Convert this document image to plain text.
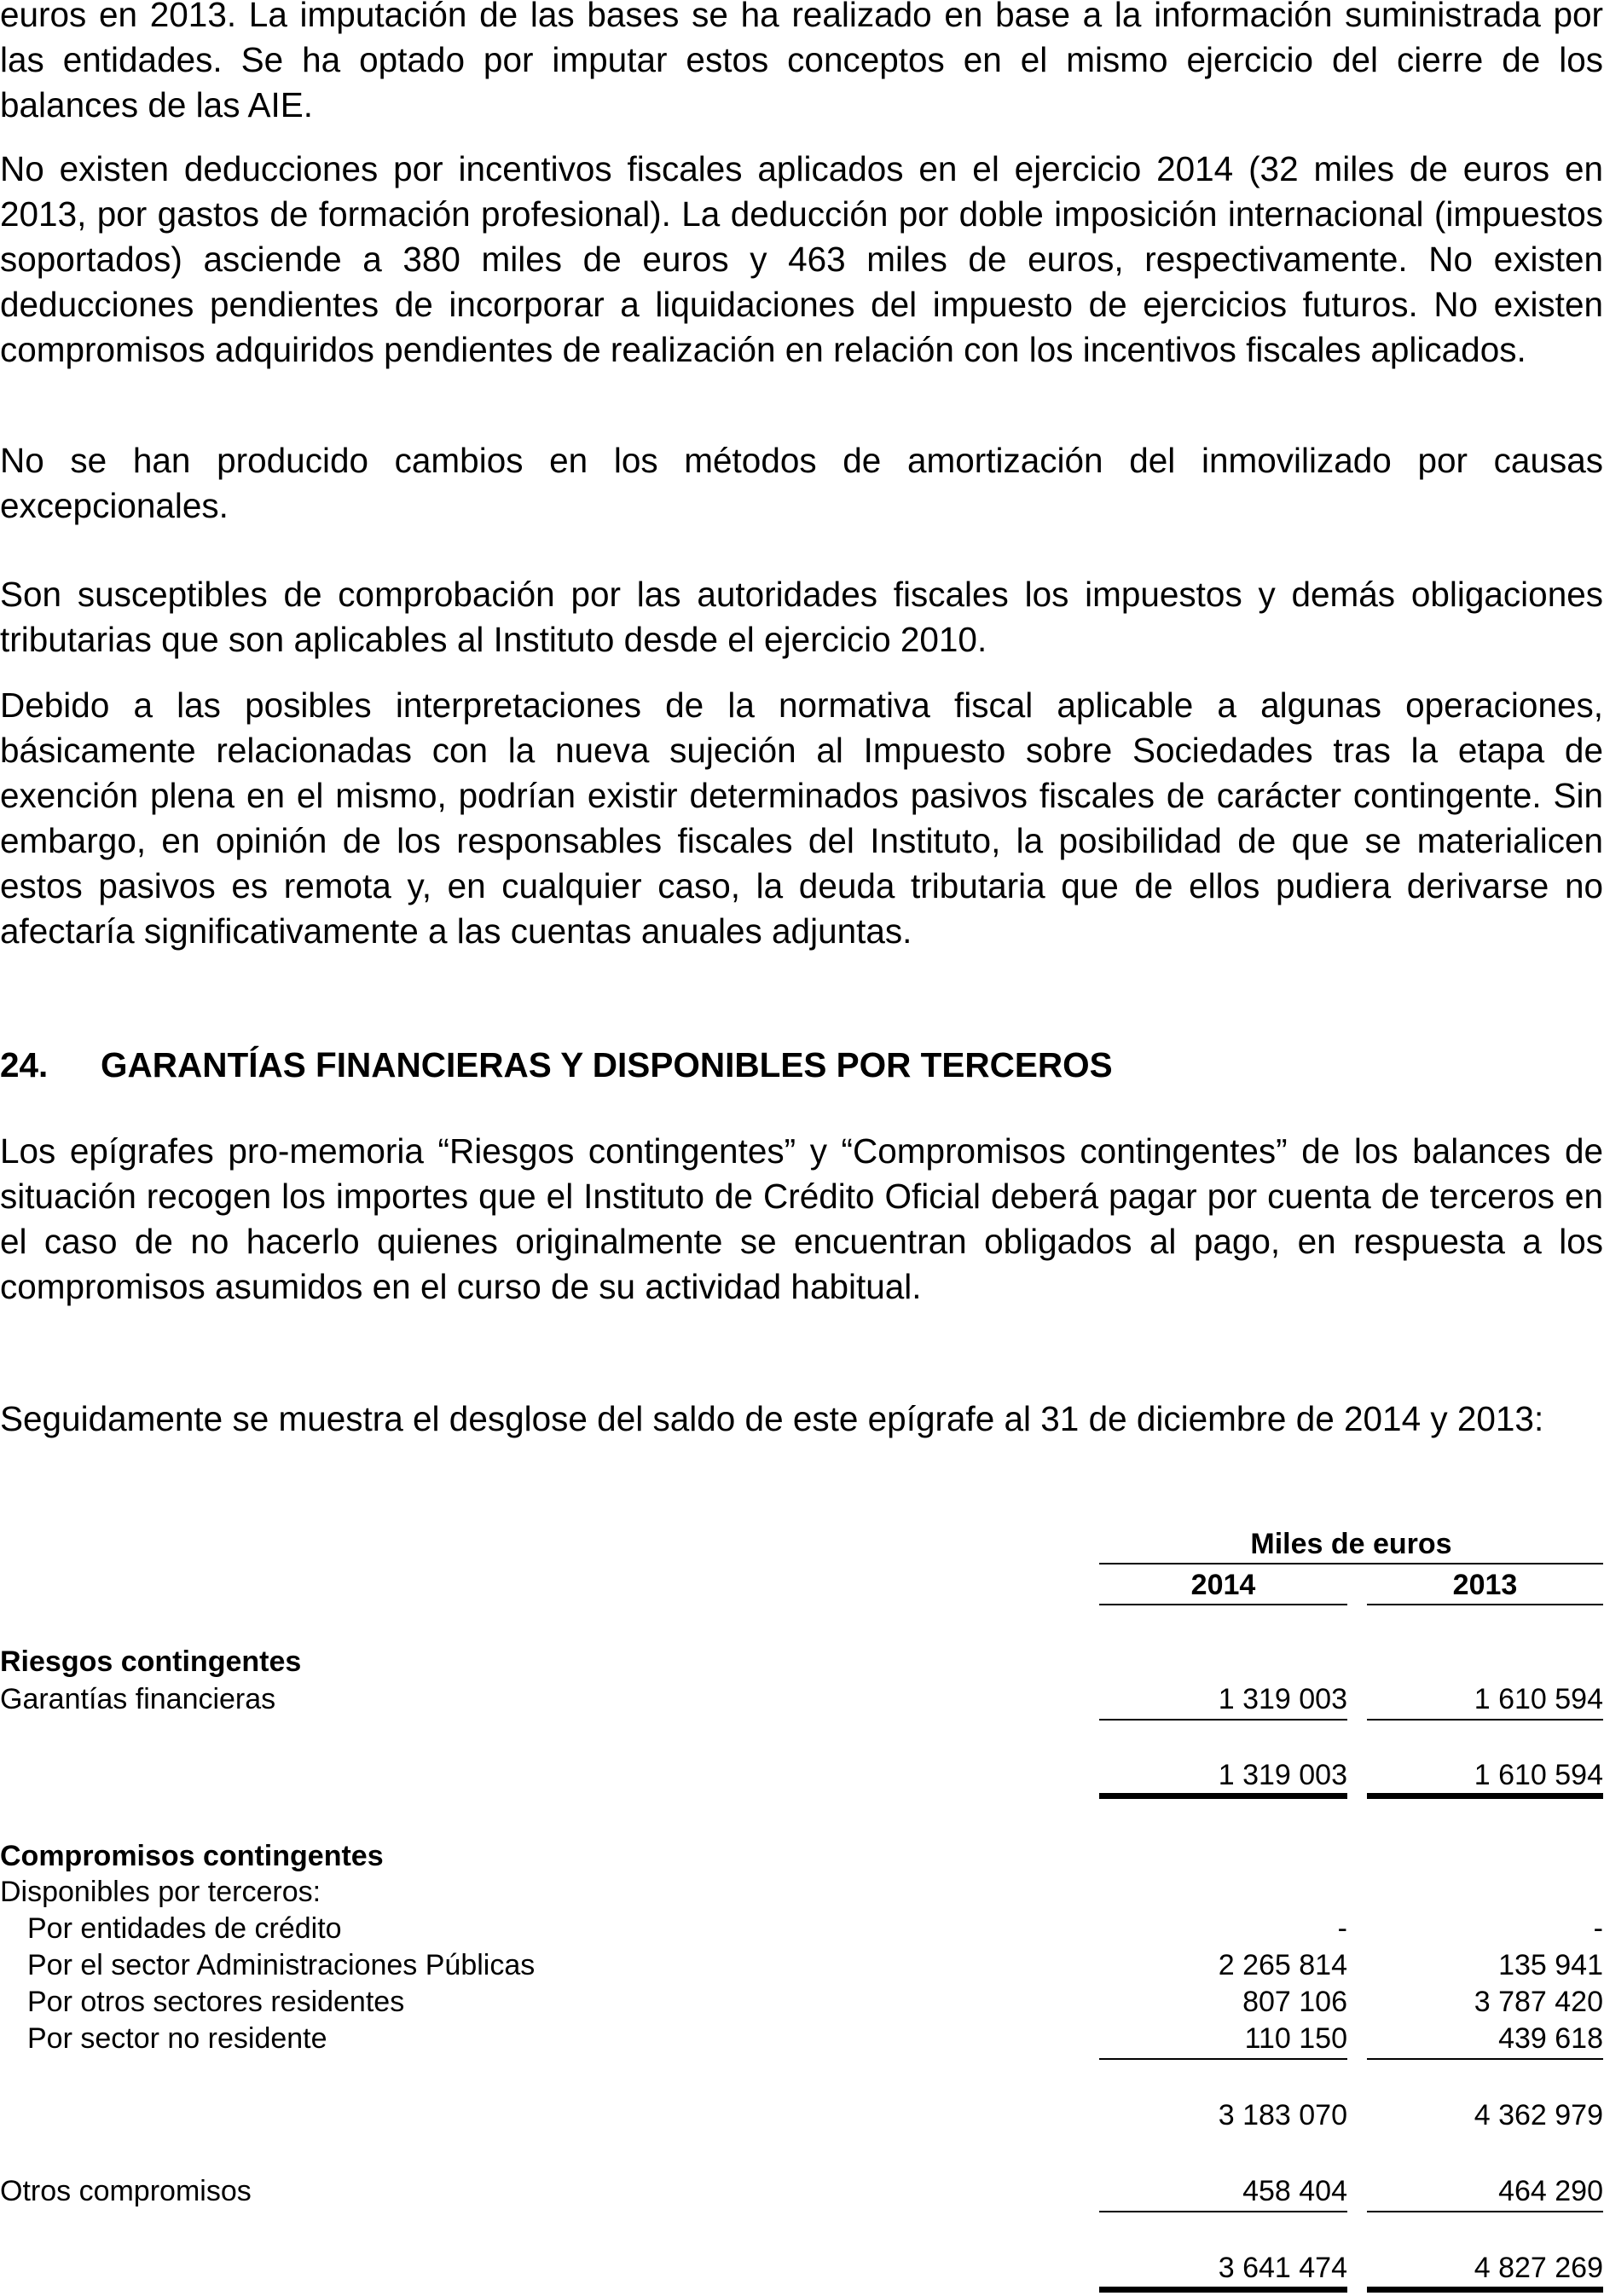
euros en 2013. La imputación de las bases se ha realizado en base a la información suministrada por las entidades. Se ha optado por imputar estos conceptos en el mismo ejercicio del cierre de los balances de las AIE.

No existen deducciones por incentivos fiscales aplicados en el ejercicio 2014 (32 miles de euros en 2013, por gastos de formación profesional). La deducción por doble imposición internacional (impuestos soportados) asciende a 380 miles de euros y 463 miles de euros, respectivamente. No existen deducciones pendientes de incorporar a liquidaciones del impuesto de ejercicios futuros. No existen compromisos adquiridos pendientes de realización en relación con los incentivos fiscales aplicados.

No se han producido cambios en los métodos de amortización del inmovilizado por causas excepcionales.

Son susceptibles de comprobación por las autoridades fiscales los impuestos y demás obligaciones tributarias que son aplicables al Instituto desde el ejercicio 2010.

Debido a las posibles interpretaciones de la normativa fiscal aplicable a algunas operaciones, básicamente relacionadas con la nueva sujeción al Impuesto sobre Sociedades tras la etapa de exención plena en el mismo, podrían existir determinados pasivos fiscales de carácter contingente. Sin embargo, en opinión de los responsables fiscales del Instituto, la posibilidad de que se materialicen estos pasivos es remota y, en cualquier caso, la deuda tributaria que de ellos pudiera derivarse no afectaría significativamente a las cuentas anuales adjuntas.

24. GARANTÍAS FINANCIERAS Y DISPONIBLES POR TERCEROS

Los epígrafes pro-memoria “Riesgos contingentes” y “Compromisos contingentes” de los balances de situación recogen los importes que el Instituto de Crédito Oficial deberá pagar por cuenta de terceros en el caso de no hacerlo quienes originalmente se encuentran obligados al pago, en respuesta a los compromisos asumidos en el curso de su actividad habitual.

Seguidamente se muestra el desglose del saldo de este epígrafe al 31 de diciembre de 2014 y 2013:

Miles de euros
2014	2013
Riesgos contingentes
Garantías financieras	1 319 003	1 610 594
1 319 003	1 610 594
Compromisos contingentes
Disponibles por terceros:
Por entidades de crédito	-	-
Por el sector Administraciones Públicas	2 265 814	135 941
Por otros sectores residentes	807 106	3 787 420
Por sector no residente	110 150	439 618
3 183 070	4 362 979
Otros compromisos	458 404	464 290
3 641 474	4 827 269
